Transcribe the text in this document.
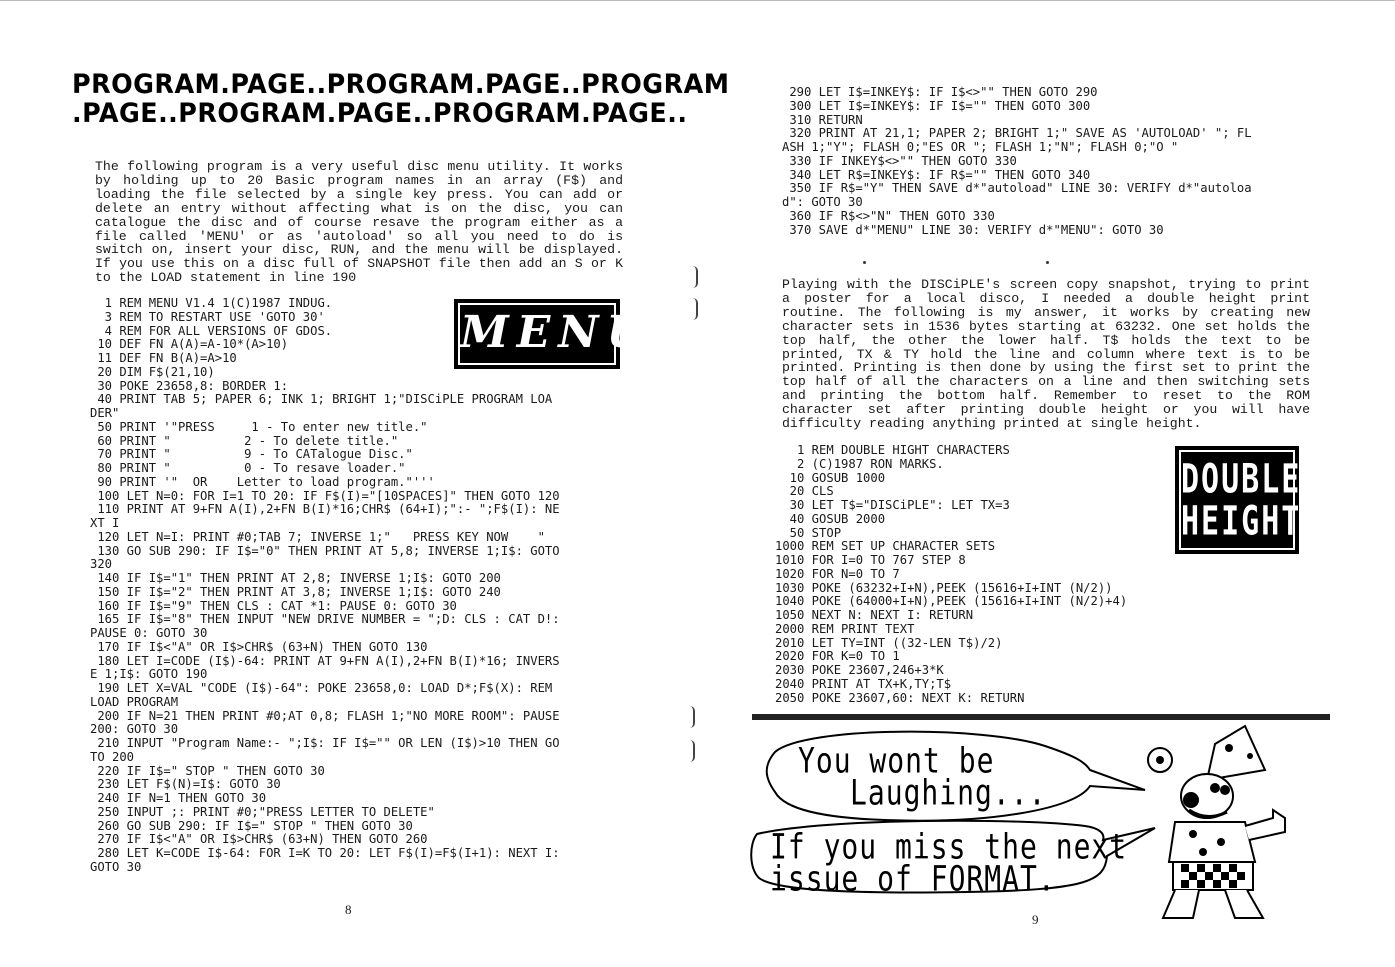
PROGRAM.PAGE..PROGRAM.PAGE..PROGRAM
.PAGE..PROGRAM.PAGE..PROGRAM.PAGE..
The following program is a very useful disc menu utility. It works by holding up to 20 Basic program names in an array (F$) and loading the file selected by a single key press. You can add or delete an entry without affecting what is on the disc, you can catalogue the disc and of course resave the program either as a file called 'MENU' or as 'autoload' so all you need to do is switch on, insert your disc, RUN, and the menu will be displayed. If you use this on a disc full of SNAPSHOT file then add an S or K to the LOAD statement in line 190
MENU
1 REM MENU V1.4 1(C)1987 INDUG.
3 REM TO RESTART USE 'GOTO 30'
4 REM FOR ALL VERSIONS OF GDOS.
10 DEF FN A(A)=A-10*(A>10)
11 DEF FN B(A)=A>10
20 DIM F$(21,10)
30 POKE 23658,8: BORDER 1:
40 PRINT TAB 5; PAPER 6; INK 1; BRIGHT 1;"DISCiPLE PROGRAM LOA
DER"
50 PRINT '"PRESS     1 - To enter new title."
60 PRINT "          2 - To delete title."
70 PRINT "          9 - To CATalogue Disc."
80 PRINT "          0 - To resave loader."
90 PRINT '"  OR    Letter to load program."'''
100 LET N=0: FOR I=1 TO 20: IF F$(I)="[10SPACES]" THEN GOTO 120
110 PRINT AT 9+FN A(I),2+FN B(I)*16;CHR$ (64+I);":- ";F$(I): NE
XT I
120 LET N=I: PRINT #0;TAB 7; INVERSE 1;"   PRESS KEY NOW    "
130 GO SUB 290: IF I$="0" THEN PRINT AT 5,8; INVERSE 1;I$: GOTO
320
140 IF I$="1" THEN PRINT AT 2,8; INVERSE 1;I$: GOTO 200
150 IF I$="2" THEN PRINT AT 3,8; INVERSE 1;I$: GOTO 240
160 IF I$="9" THEN CLS : CAT *1: PAUSE 0: GOTO 30
165 IF I$="8" THEN INPUT "NEW DRIVE NUMBER = ";D: CLS : CAT D!:
PAUSE 0: GOTO 30
170 IF I$<"A" OR I$>CHR$ (63+N) THEN GOTO 130
180 LET I=CODE (I$)-64: PRINT AT 9+FN A(I),2+FN B(I)*16; INVERS
E 1;I$: GOTO 190
190 LET X=VAL "CODE (I$)-64": POKE 23658,0: LOAD D*;F$(X): REM
LOAD PROGRAM
200 IF N=21 THEN PRINT #0;AT 0,8; FLASH 1;"NO MORE ROOM": PAUSE
200: GOTO 30
210 INPUT "Program Name:- ";I$: IF I$="" OR LEN (I$)>10 THEN GO
TO 200
220 IF I$=" STOP " THEN GOTO 30
230 LET F$(N)=I$: GOTO 30
240 IF N=1 THEN GOTO 30
250 INPUT ;: PRINT #0;"PRESS LETTER TO DELETE"
260 GO SUB 290: IF I$=" STOP " THEN GOTO 30
270 IF I$<"A" OR I$>CHR$ (63+N) THEN GOTO 260
280 LET K=CODE I$-64: FOR I=K TO 20: LET F$(I)=F$(I+1): NEXT I:
GOTO 30
8
290 LET I$=INKEY$: IF I$<>"" THEN GOTO 290
300 LET I$=INKEY$: IF I$="" THEN GOTO 300
310 RETURN
320 PRINT AT 21,1; PAPER 2; BRIGHT 1;" SAVE AS 'AUTOLOAD' "; FL
ASH 1;"Y"; FLASH 0;"ES OR "; FLASH 1;"N"; FLASH 0;"O "
330 IF INKEY$<>"" THEN GOTO 330
340 LET R$=INKEY$: IF R$="" THEN GOTO 340
350 IF R$="Y" THEN SAVE d*"autoload" LINE 30: VERIFY d*"autoloa
d": GOTO 30
360 IF R$<>"N" THEN GOTO 330
370 SAVE d*"MENU" LINE 30: VERIFY d*"MENU": GOTO 30
Playing with the DISCiPLE's screen copy snapshot, trying to print a poster for a local disco, I needed a double height print routine. The following is my answer, it works by creating new character sets in 1536 bytes starting at 63232. One set holds the top half, the other the lower half. T$ holds the text to be printed, TX & TY hold the line and column where text is to be printed. Printing is then done by using the first set to print the top half of all the characters on a line and then switching sets and printing the bottom half. Remember to reset to the ROM character set after printing double height or you will have difficulty reading anything printed at single height.
DOUBLE
HEIGHT
1 REM DOUBLE HIGHT CHARACTERS
2 (C)1987 RON MARKS.
10 GOSUB 1000
20 CLS
30 LET T$="DISCiPLE": LET TX=3
40 GOSUB 2000
50 STOP
1000 REM SET UP CHARACTER SETS
1010 FOR I=0 TO 767 STEP 8
1020 FOR N=0 TO 7
1030 POKE (63232+I+N),PEEK (15616+I+INT (N/2))
1040 POKE (64000+I+N),PEEK (15616+I+INT (N/2)+4)
1050 NEXT N: NEXT I: RETURN
2000 REM PRINT TEXT
2010 LET TY=INT ((32-LEN T$)/2)
2020 FOR K=0 TO 1
2030 POKE 23607,246+3*K
2040 PRINT AT TX+K,TY;T$
2050 POKE 23607,60: NEXT K: RETURN
You wont be
Laughing...
If you miss the next
issue of FORMAT.
9
